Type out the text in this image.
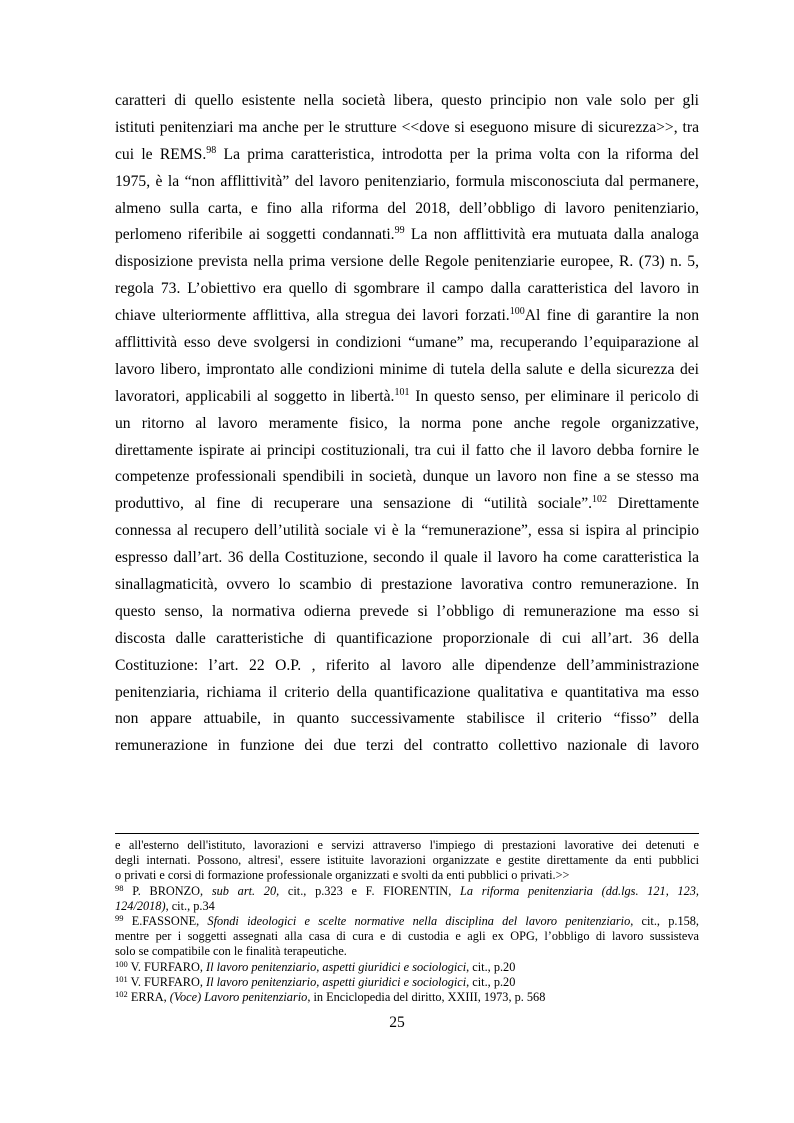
caratteri di quello esistente nella società libera, questo principio non vale solo per gli
istituti penitenziari ma anche per le strutture <<dove si eseguono misure di sicurezza>>, tra
cui le REMS.$^{98}$ La prima caratteristica, introdotta per la prima volta con la riforma del
1975, è la “non afflittività” del lavoro penitenziario, formula misconosciuta dal permanere,
almeno sulla carta, e fino alla riforma del 2018, dell’obbligo di lavoro penitenziario,
perlomeno riferibile ai soggetti condannati.$^{99}$ La non afflittività era mutuata dalla analoga
disposizione prevista nella prima versione delle Regole penitenziarie europee, R. (73) n. 5,
regola 73. L’obiettivo era quello di sgombrare il campo dalla caratteristica del lavoro in
chiave ulteriormente afflittiva, alla stregua dei lavori forzati.$^{100}$Al fine di garantire la non
afflittività esso deve svolgersi in condizioni “umane” ma, recuperando l’equiparazione al
lavoro libero, improntato alle condizioni minime di tutela della salute e della sicurezza dei
lavoratori, applicabili al soggetto in libertà.$^{101}$ In questo senso, per eliminare il pericolo di
un ritorno al lavoro meramente fisico, la norma pone anche regole organizzative,
direttamente ispirate ai principi costituzionali, tra cui il fatto che il lavoro debba fornire le
competenze professionali spendibili in società, dunque un lavoro non fine a se stesso ma
produttivo, al fine di recuperare una sensazione di “utilità sociale”.$^{102}$ Direttamente
connessa al recupero dell’utilità sociale vi è la “remunerazione”, essa si ispira al principio
espresso dall’art. 36 della Costituzione, secondo il quale il lavoro ha come caratteristica la
sinallagmaticità, ovvero lo scambio di prestazione lavorativa contro remunerazione. In
questo senso, la normativa odierna prevede si l’obbligo di remunerazione ma esso si
discosta dalle caratteristiche di quantificazione proporzionale di cui all’art. 36 della
Costituzione: l’art. 22 O.P. , riferito al lavoro alle dipendenze dell’amministrazione
penitenziaria, richiama il criterio della quantificazione qualitativa e quantitativa ma esso
non appare attuabile, in quanto successivamente stabilisce il criterio “fisso” della
remunerazione in funzione dei due terzi del contratto collettivo nazionale di lavoro
e all'esterno dell'istituto, lavorazioni e servizi attraverso l'impiego di prestazioni lavorative dei detenuti e
degli internati. Possono, altresi', essere istituite lavorazioni organizzate e gestite direttamente da enti pubblici
o privati e corsi di formazione professionale organizzati e svolti da enti pubblici o privati.>>
$^{98}$ P. BRONZO, sub art. 20, cit., p.323 e F. FIORENTIN, La riforma penitenziaria (dd.lgs. 121, 123,
124/2018), cit., p.34
$^{99}$ E.FASSONE, Sfondi ideologici e scelte normative nella disciplina del lavoro penitenziario, cit., p.158,
mentre per i soggetti assegnati alla casa di cura e di custodia e agli ex OPG, l’obbligo di lavoro sussisteva
solo se compatibile con le finalità terapeutiche.
$^{100}$ V. FURFARO, Il lavoro penitenziario, aspetti giuridici e sociologici, cit., p.20
$^{101}$ V. FURFARO, Il lavoro penitenziario, aspetti giuridici e sociologici, cit., p.20
$^{102}$ ERRA, (Voce) Lavoro penitenziario, in Enciclopedia del diritto, XXIII, 1973, p. 568
25
